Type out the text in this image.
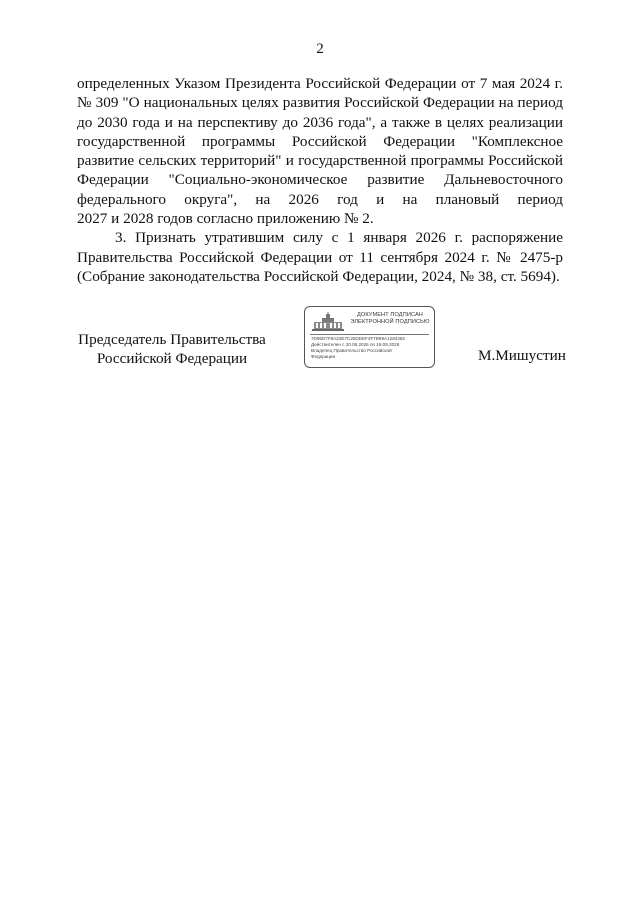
2
определенных Указом Президента Российской Федерации от 7 мая 2024 г.
№ 309 "О национальных целях развития Российской Федерации на период
до 2030 года и на перспективу до 2036 года", а также в целях реализации
государственной программы Российской Федерации "Комплексное
развитие сельских территорий" и государственной программы Российской
Федерации "Социально-экономическое развитие Дальневосточного
федерального округа", на 2026 год и на плановый период
2027 и 2028 годов согласно приложению № 2.
3. Признать утратившим силу с 1 января 2026 г. распоряжение
Правительства Российской Федерации от 11 сентября 2024 г. № 2475-р
(Собрание законодательства Российской Федерации, 2024, № 38, ст. 5694).
Председатель Правительства
Российской Федерации
ДОКУМЕНТ ПОДПИСАН
ЭЛЕКТРОННОЙ ПОДПИСЬЮ
7D95D7F8A22E7C25DDEF4F7B99A1284382
Действителен с 20.06.2026 по 19.09.2026
Владелец Правительство Российской
Федерации	М.Мишустин
